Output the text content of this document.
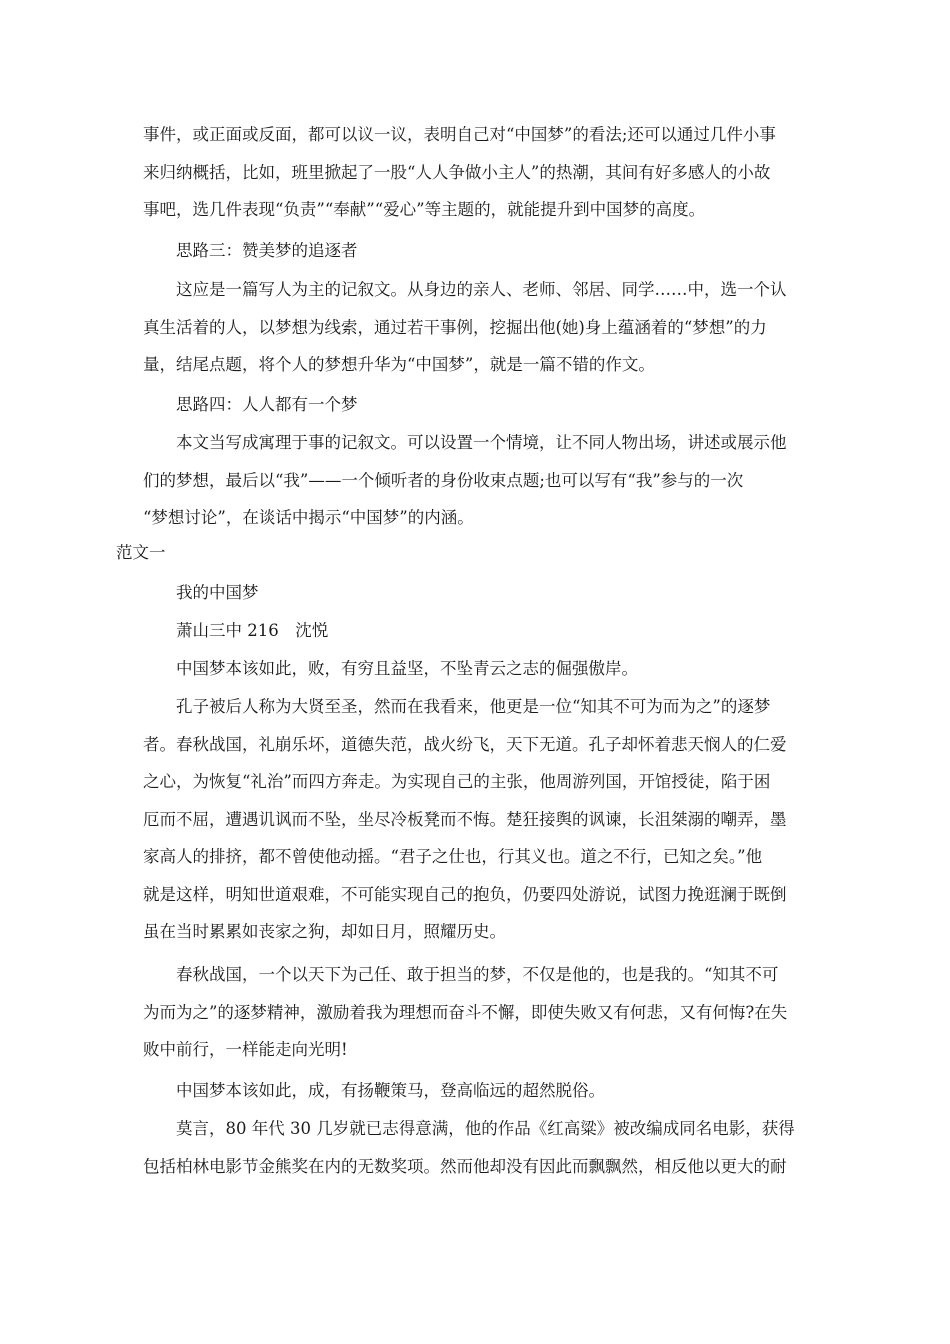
事件，或正面或反面，都可以议一议，表明自己对“中国梦”的看法;还可以通过几件小事
来归纳概括，比如，班里掀起了一股“人人争做小主人”的热潮，其间有好多感人的小故
事吧，选几件表现“负责”“奉献”“爱心”等主题的，就能提升到中国梦的高度。
思路三：赞美梦的追逐者
这应是一篇写人为主的记叙文。从身边的亲人、老师、邻居、同学……中，选一个认
真生活着的人，以梦想为线索，通过若干事例，挖掘出他(她)身上蕴涵着的“梦想”的力
量，结尾点题，将个人的梦想升华为“中国梦”，就是一篇不错的作文。
思路四：人人都有一个梦
本文当写成寓理于事的记叙文。可以设置一个情境，让不同人物出场，讲述或展示他
们的梦想，最后以“我”——一个倾听者的身份收束点题;也可以写有“我”参与的一次
“梦想讨论”，在谈话中揭示“中国梦”的内涵。
范文一
我的中国梦
萧山三中 216　沈悦
中国梦本该如此，败，有穷且益坚，不坠青云之志的倔强傲岸。
孔子被后人称为大贤至圣，然而在我看来，他更是一位“知其不可为而为之”的逐梦
者。春秋战国，礼崩乐坏，道德失范，战火纷飞，天下无道。孔子却怀着悲天悯人的仁爱
之心，为恢复“礼治”而四方奔走。为实现自己的主张，他周游列国，开馆授徒，陷于困
厄而不屈，遭遇讥讽而不坠，坐尽冷板凳而不悔。楚狂接舆的讽谏，长沮桀溺的嘲弄，墨
家高人的排挤，都不曾使他动摇。“君子之仕也，行其义也。道之不行，已知之矣。”他
就是这样，明知世道艰难，不可能实现自己的抱负，仍要四处游说，试图力挽逛澜于既倒
虽在当时累累如丧家之狗，却如日月，照耀历史。
春秋战国，一个以天下为己任、敢于担当的梦，不仅是他的，也是我的。“知其不可
为而为之”的逐梦精神，激励着我为理想而奋斗不懈，即使失败又有何悲，又有何悔?在失
败中前行，一样能走向光明!
中国梦本该如此，成，有扬鞭策马，登高临远的超然脱俗。
莫言，80 年代 30 几岁就已志得意满，他的作品《红高粱》被改编成同名电影，获得
包括柏林电影节金熊奖在内的无数奖项。然而他却没有因此而飘飘然，相反他以更大的耐
